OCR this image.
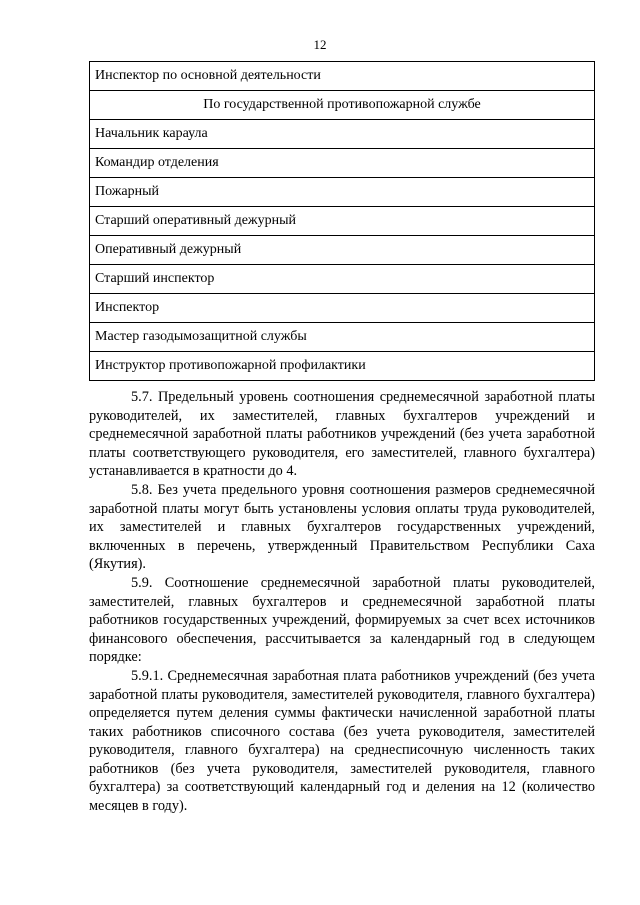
12
Инспектор по основной деятельности
По государственной противопожарной службе
Начальник караула
Командир отделения
Пожарный
Старший оперативный дежурный
Оперативный дежурный
Старший инспектор
Инспектор
Мастер газодымозащитной службы
Инструктор противопожарной профилактики

5.7. Предельный уровень соотношения среднемесячной заработной платы руководителей, их заместителей, главных бухгалтеров учреждений и среднемесячной заработной платы работников учреждений (без учета заработной платы соответствующего руководителя, его заместителей, главного бухгалтера) устанавливается в кратности до 4.

5.8. Без учета предельного уровня соотношения размеров среднемесячной заработной платы могут быть установлены условия оплаты труда руководителей, их заместителей и главных бухгалтеров государственных учреждений, включенных в перечень, утвержденный Правительством Республики Саха (Якутия).

5.9. Соотношение среднемесячной заработной платы руководителей, заместителей, главных бухгалтеров и среднемесячной заработной платы работников государственных учреждений, формируемых за счет всех источников финансового обеспечения, рассчитывается за календарный год в следующем порядке:

5.9.1. Среднемесячная заработная плата работников учреждений (без учета заработной платы руководителя, заместителей руководителя, главного бухгалтера) определяется путем деления суммы фактически начисленной заработной платы таких работников списочного состава (без учета руководителя, заместителей руководителя, главного бухгалтера) на среднесписочную численность таких работников (без учета руководителя, заместителей руководителя, главного бухгалтера) за соответствующий календарный год и деления на 12 (количество месяцев в году).
